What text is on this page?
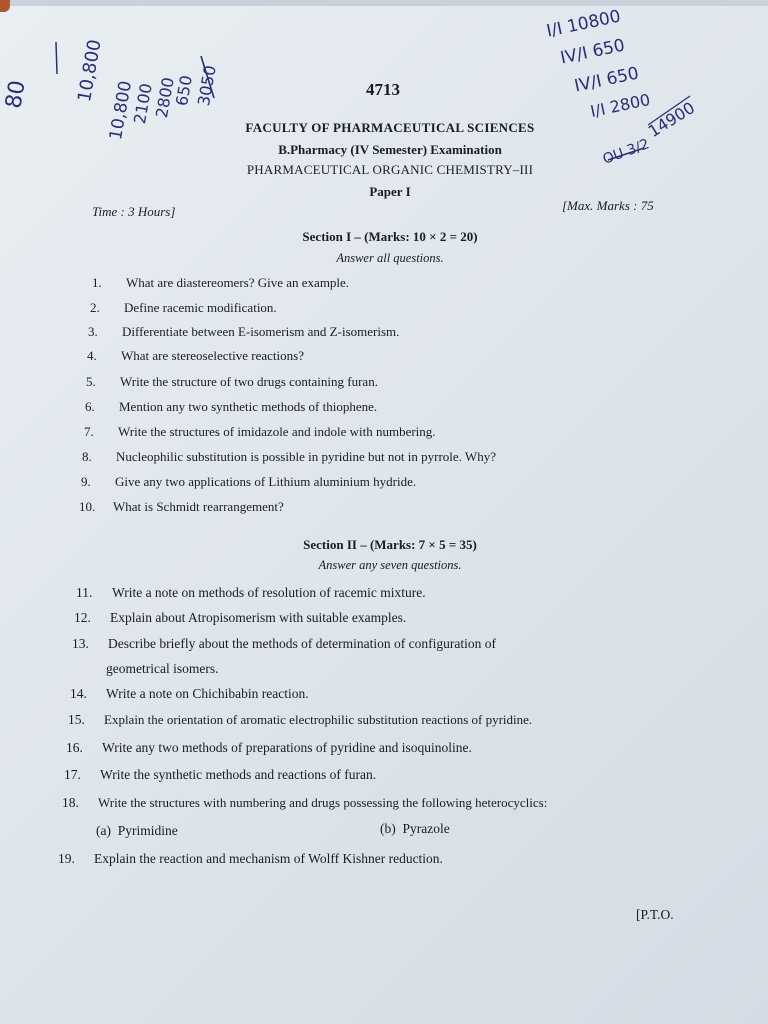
80 10,800
10,800
2100
2800
650
3050
I/I 10800
IV/I 650
IV/I 650
I/I 2800
14900
OU 3/2
4713
FACULTY OF PHARMACEUTICAL SCIENCES
B.Pharmacy (IV Semester) Examination
PHARMACEUTICAL ORGANIC CHEMISTRY–III
Paper I
Time : 3 Hours]	[Max. Marks : 75
Section I – (Marks: 10 × 2 = 20)
Answer all questions.
1. What are diastereomers? Give an example.
2. Define racemic modification.
3. Differentiate between E-isomerism and Z-isomerism.
4. What are stereoselective reactions?
5. Write the structure of two drugs containing furan.
6. Mention any two synthetic methods of thiophene.
7. Write the structures of imidazole and indole with numbering.
8. Nucleophilic substitution is possible in pyridine but not in pyrrole. Why?
9. Give any two applications of Lithium aluminium hydride.
10. What is Schmidt rearrangement?
Section II – (Marks: 7 × 5 = 35)
Answer any seven questions.
11. Write a note on methods of resolution of racemic mixture.
12. Explain about Atropisomerism with suitable examples.
13. Describe briefly about the methods of determination of configuration of
geometrical isomers.
14. Write a note on Chichibabin reaction.
15. Explain the orientation of aromatic electrophilic substitution reactions of pyridine.
16. Write any two methods of preparations of pyridine and isoquinoline.
17. Write the synthetic methods and reactions of furan.
18. Write the structures with numbering and drugs possessing the following heterocyclics:
(a) Pyrimidine	(b) Pyrazole
19. Explain the reaction and mechanism of Wolff Kishner reduction.
[P.T.O.
